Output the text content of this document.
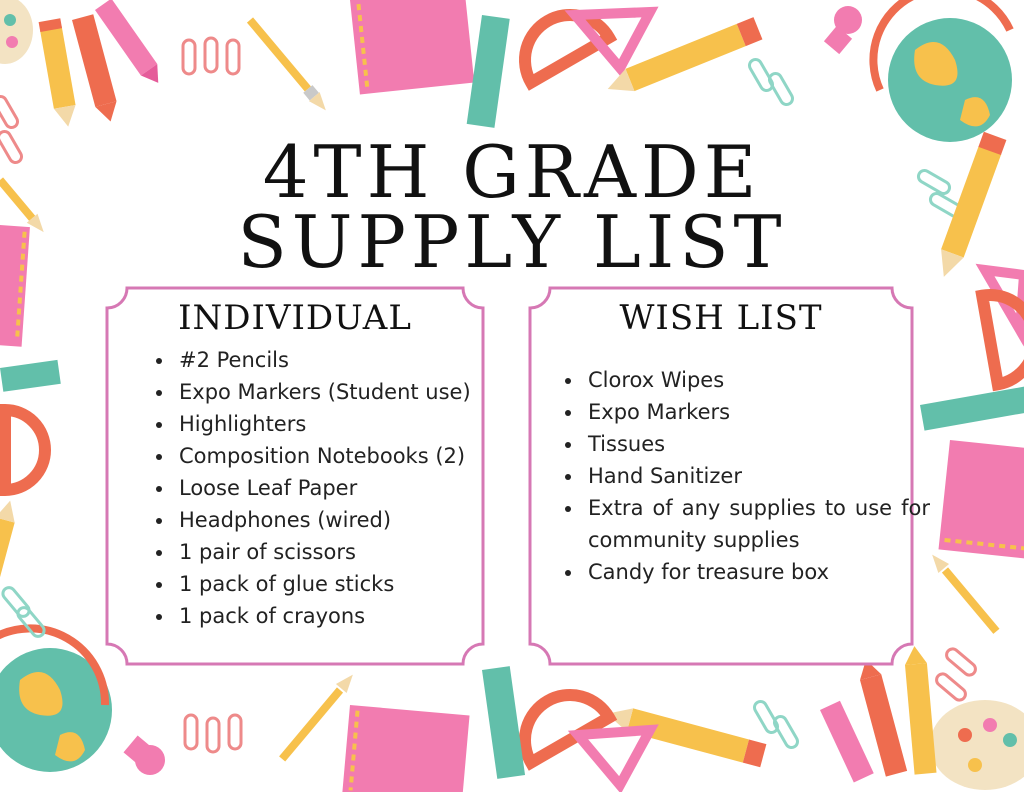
4TH GRADE
SUPPLY LIST
INDIVIDUAL
• #2 Pencils
• Expo Markers (Student use)
• Highlighters
• Composition Notebooks (2)
• Loose Leaf Paper
• Headphones (wired)
• 1 pair of scissors
• 1 pack of glue sticks
• 1 pack of crayons
WISH LIST
• Clorox Wipes
• Expo Markers
• Tissues
• Hand Sanitizer
• Extra of any supplies to use for community supplies
• Candy for treasure box
